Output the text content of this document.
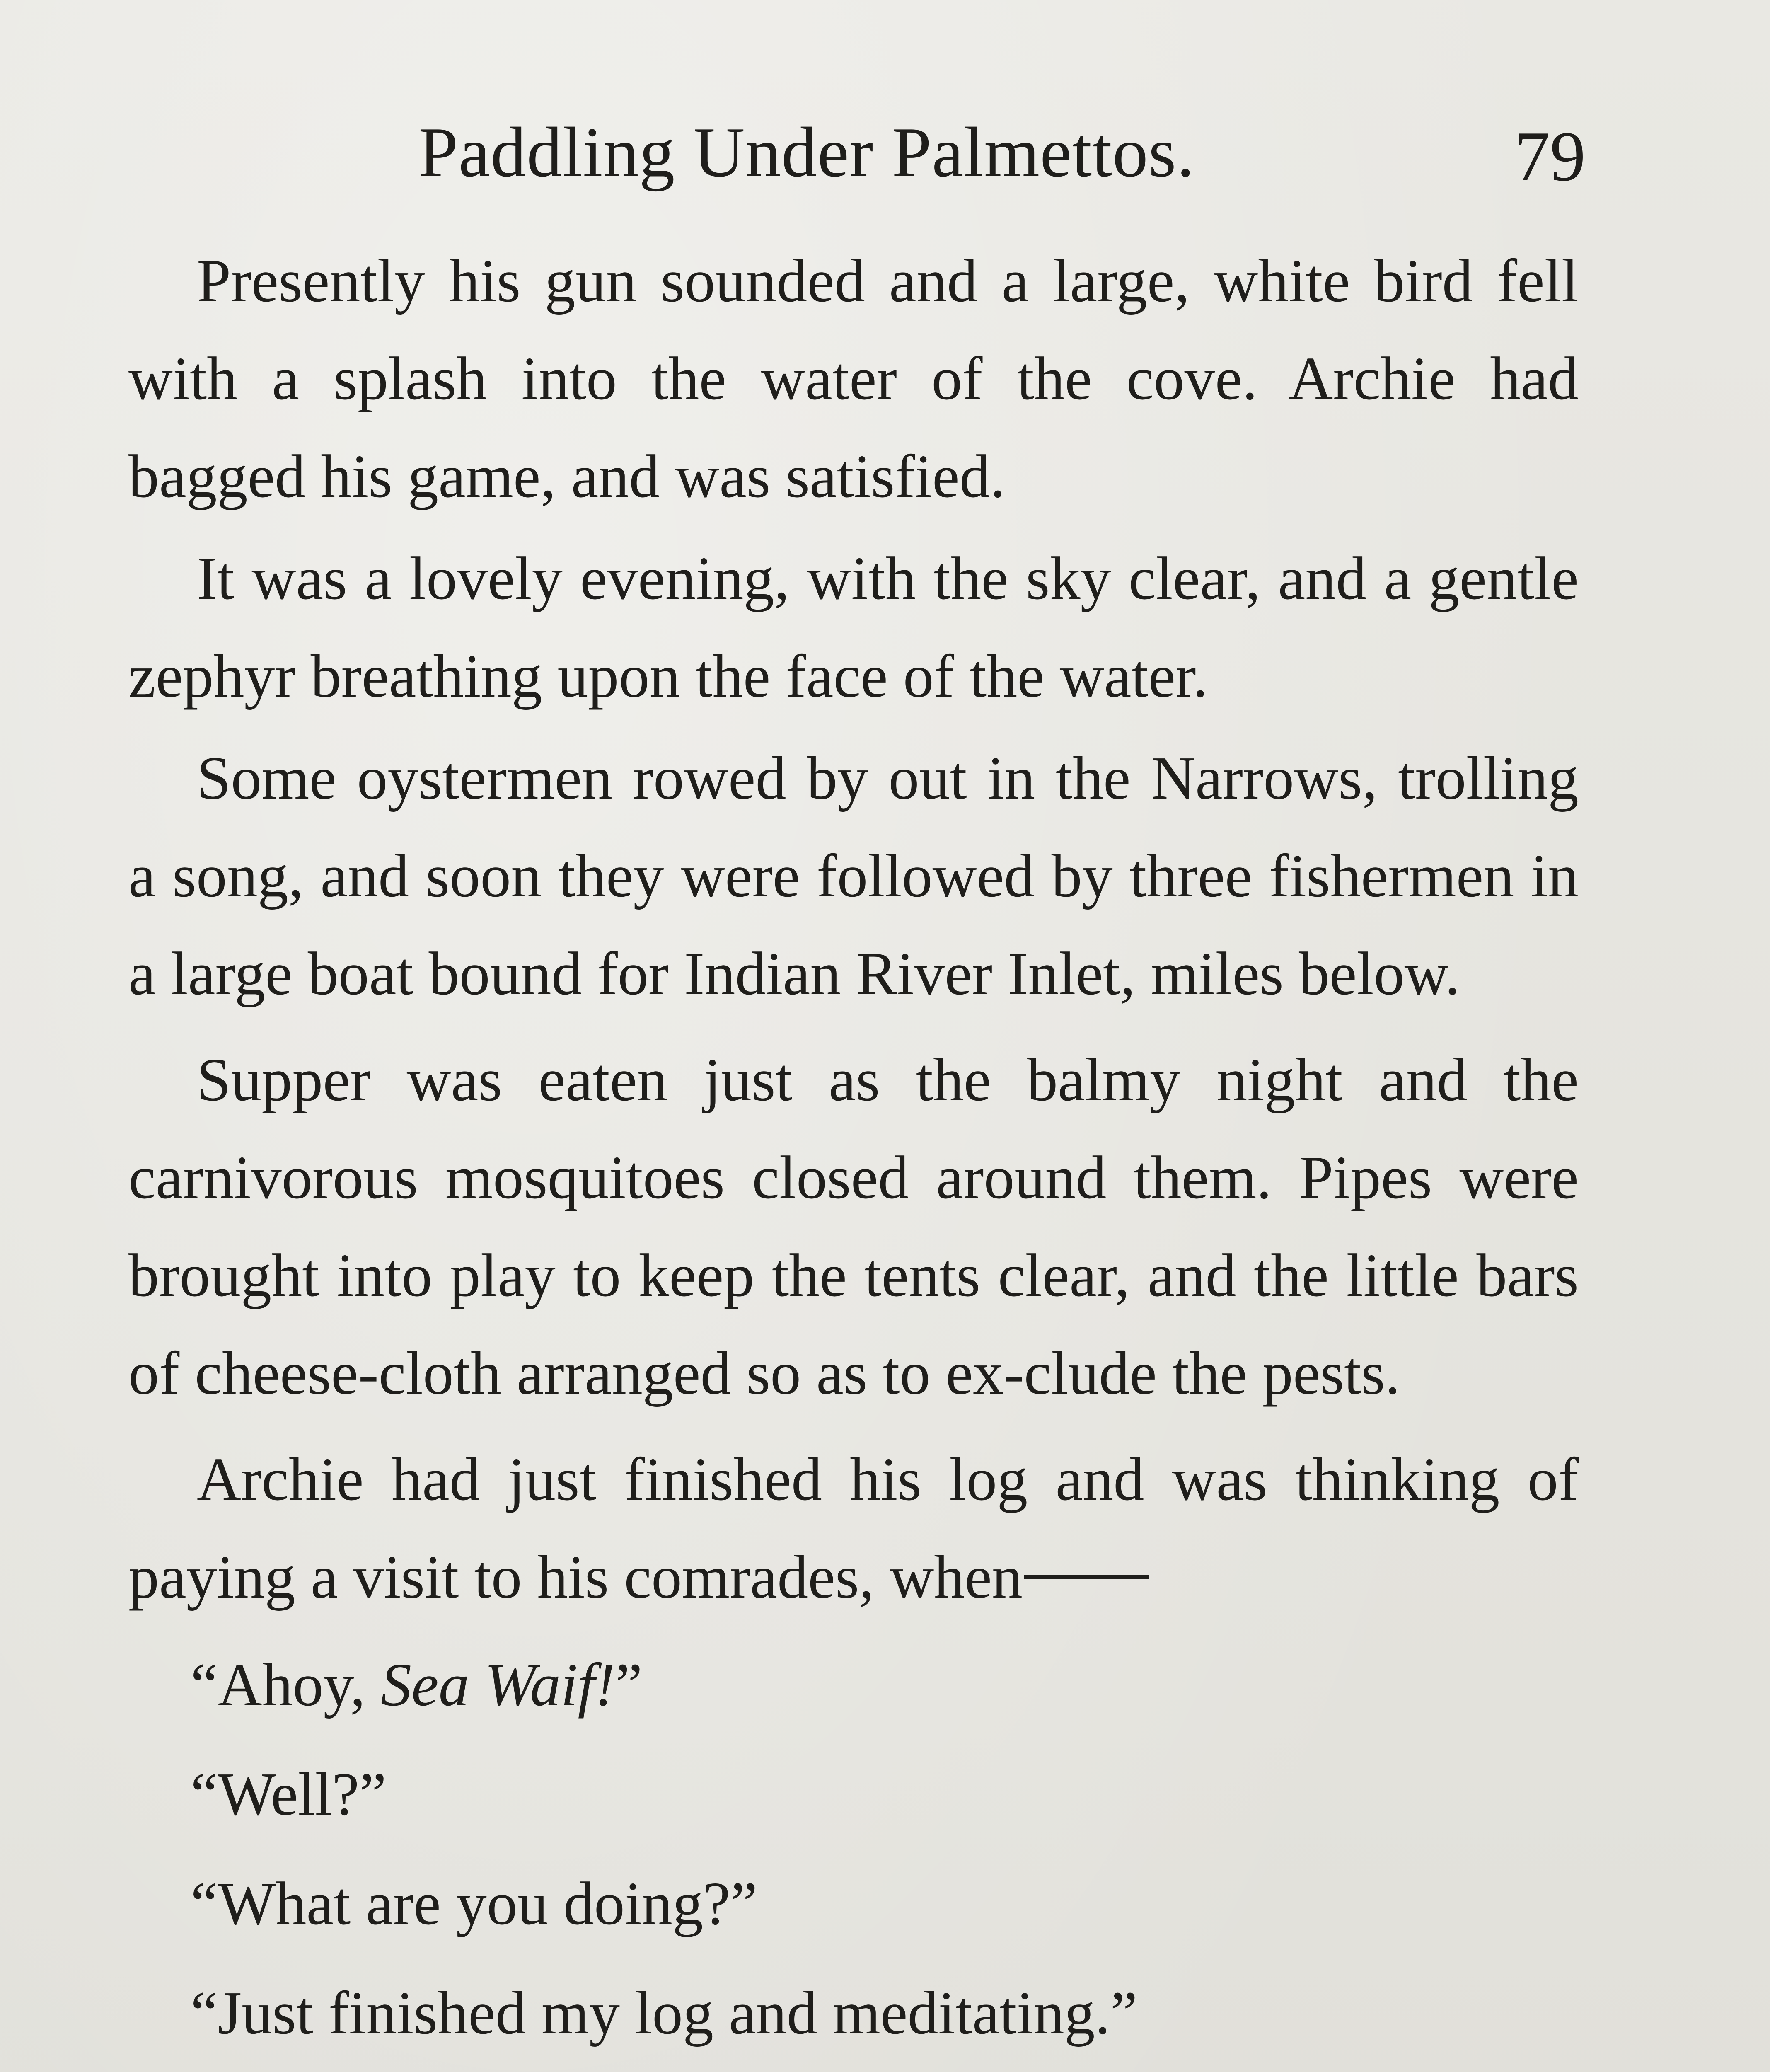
Paddling Under Palmettos.	79

Presently his gun sounded and a large, white bird fell with a splash into the water of the cove. Archie had bagged his game, and was satisfied.

It was a lovely evening, with the sky clear, and a gentle zephyr breathing upon the face of the water.

Some oystermen rowed by out in the Narrows, trolling a song, and soon they were followed by three fishermen in a large boat bound for Indian River Inlet, miles below.

Supper was eaten just as the balmy night and the carnivorous mosquitoes closed around them. Pipes were brought into play to keep the tents clear, and the little bars of cheese-cloth arranged so as to ex-clude the pests.

Archie had just finished his log and was thinking of paying a visit to his comrades, when

“Ahoy, Sea Waif!”

“Well?”

“What are you doing?”

“Just finished my log and meditating.”
